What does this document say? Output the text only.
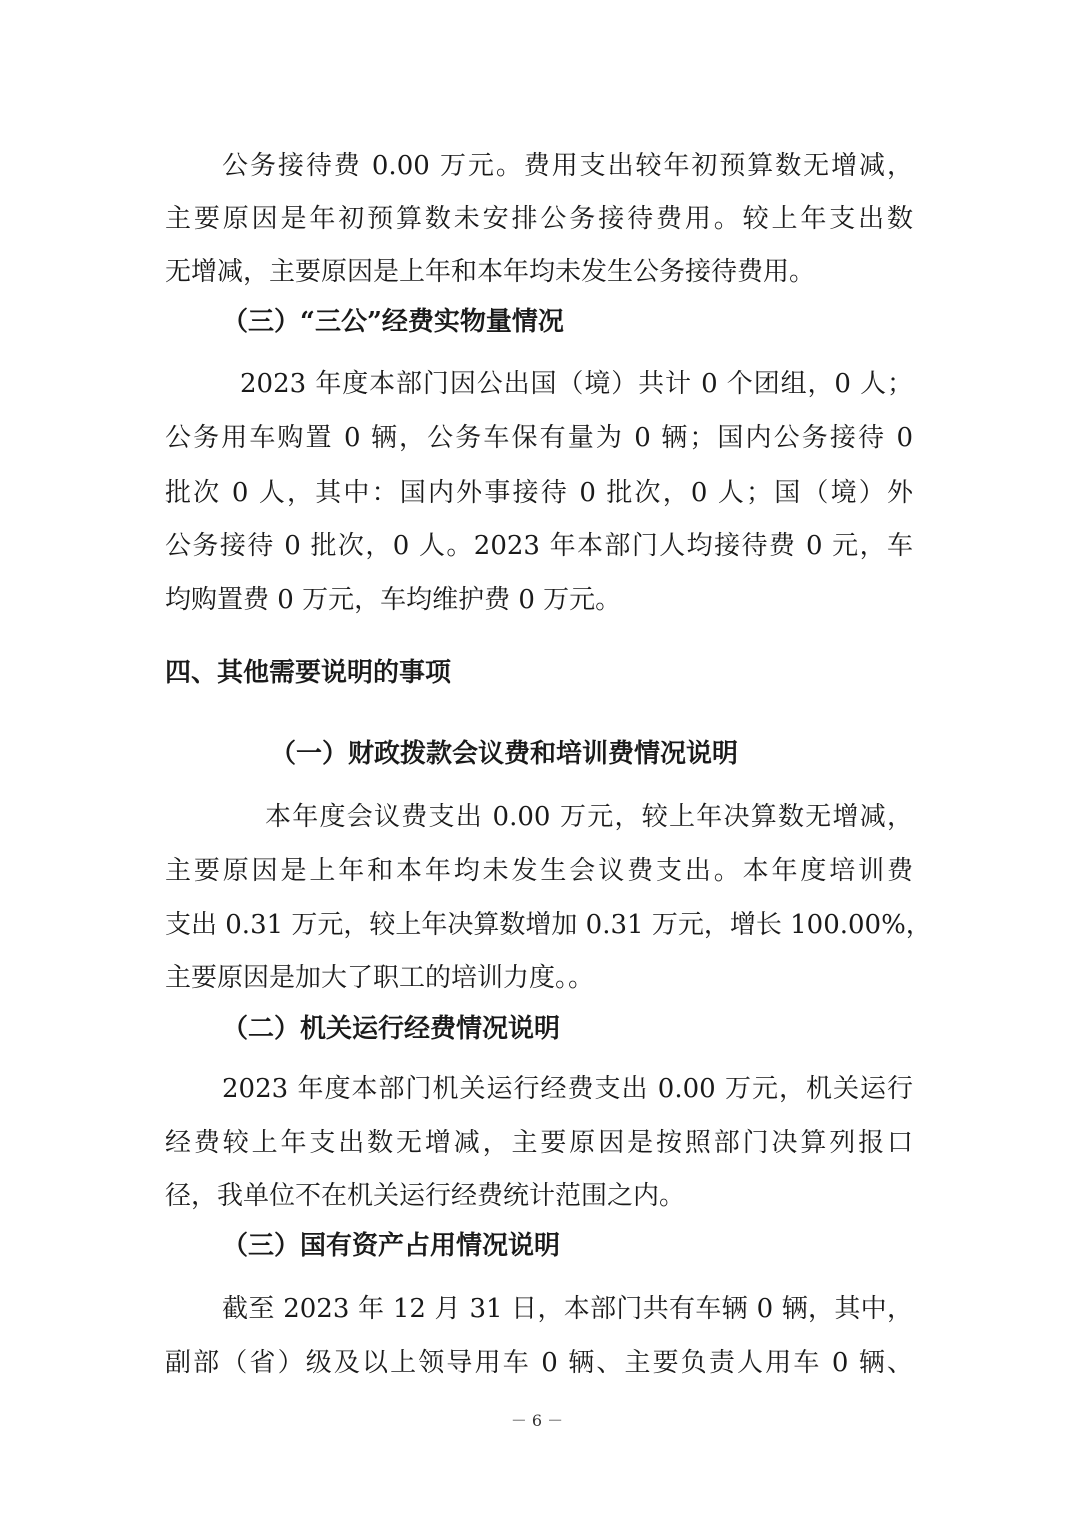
公务接待费 0.00 万元。费用支出较年初预算数无增减，
主要原因是年初预算数未安排公务接待费用。较上年支出数
无增减，主要原因是上年和本年均未发生公务接待费用。
（三）“三公”经费实物量情况
2023 年度本部门因公出国（境）共计 0 个团组，0 人；
公务用车购置 0 辆，公务车保有量为 0 辆；国内公务接待 0
批次 0 人，其中：国内外事接待 0 批次，0 人；国（境）外
公务接待 0 批次，0 人。2023 年本部门人均接待费 0 元，车
均购置费 0 万元，车均维护费 0 万元。
四、其他需要说明的事项
（一）财政拨款会议费和培训费情况说明
本年度会议费支出 0.00 万元，较上年决算数无增减，
主要原因是上年和本年均未发生会议费支出。本年度培训费
支出 0.31 万元，较上年决算数增加 0.31 万元，增长 100.00%，
主要原因是加大了职工的培训力度。。
（二）机关运行经费情况说明
2023 年度本部门机关运行经费支出 0.00 万元，机关运行
经费较上年支出数无增减，主要原因是按照部门决算列报口
径，我单位不在机关运行经费统计范围之内。
（三）国有资产占用情况说明
截至 2023 年 12 月 31 日，本部门共有车辆 0 辆，其中，
副部（省）级及以上领导用车 0 辆、主要负责人用车 0 辆、
－ 6 －
